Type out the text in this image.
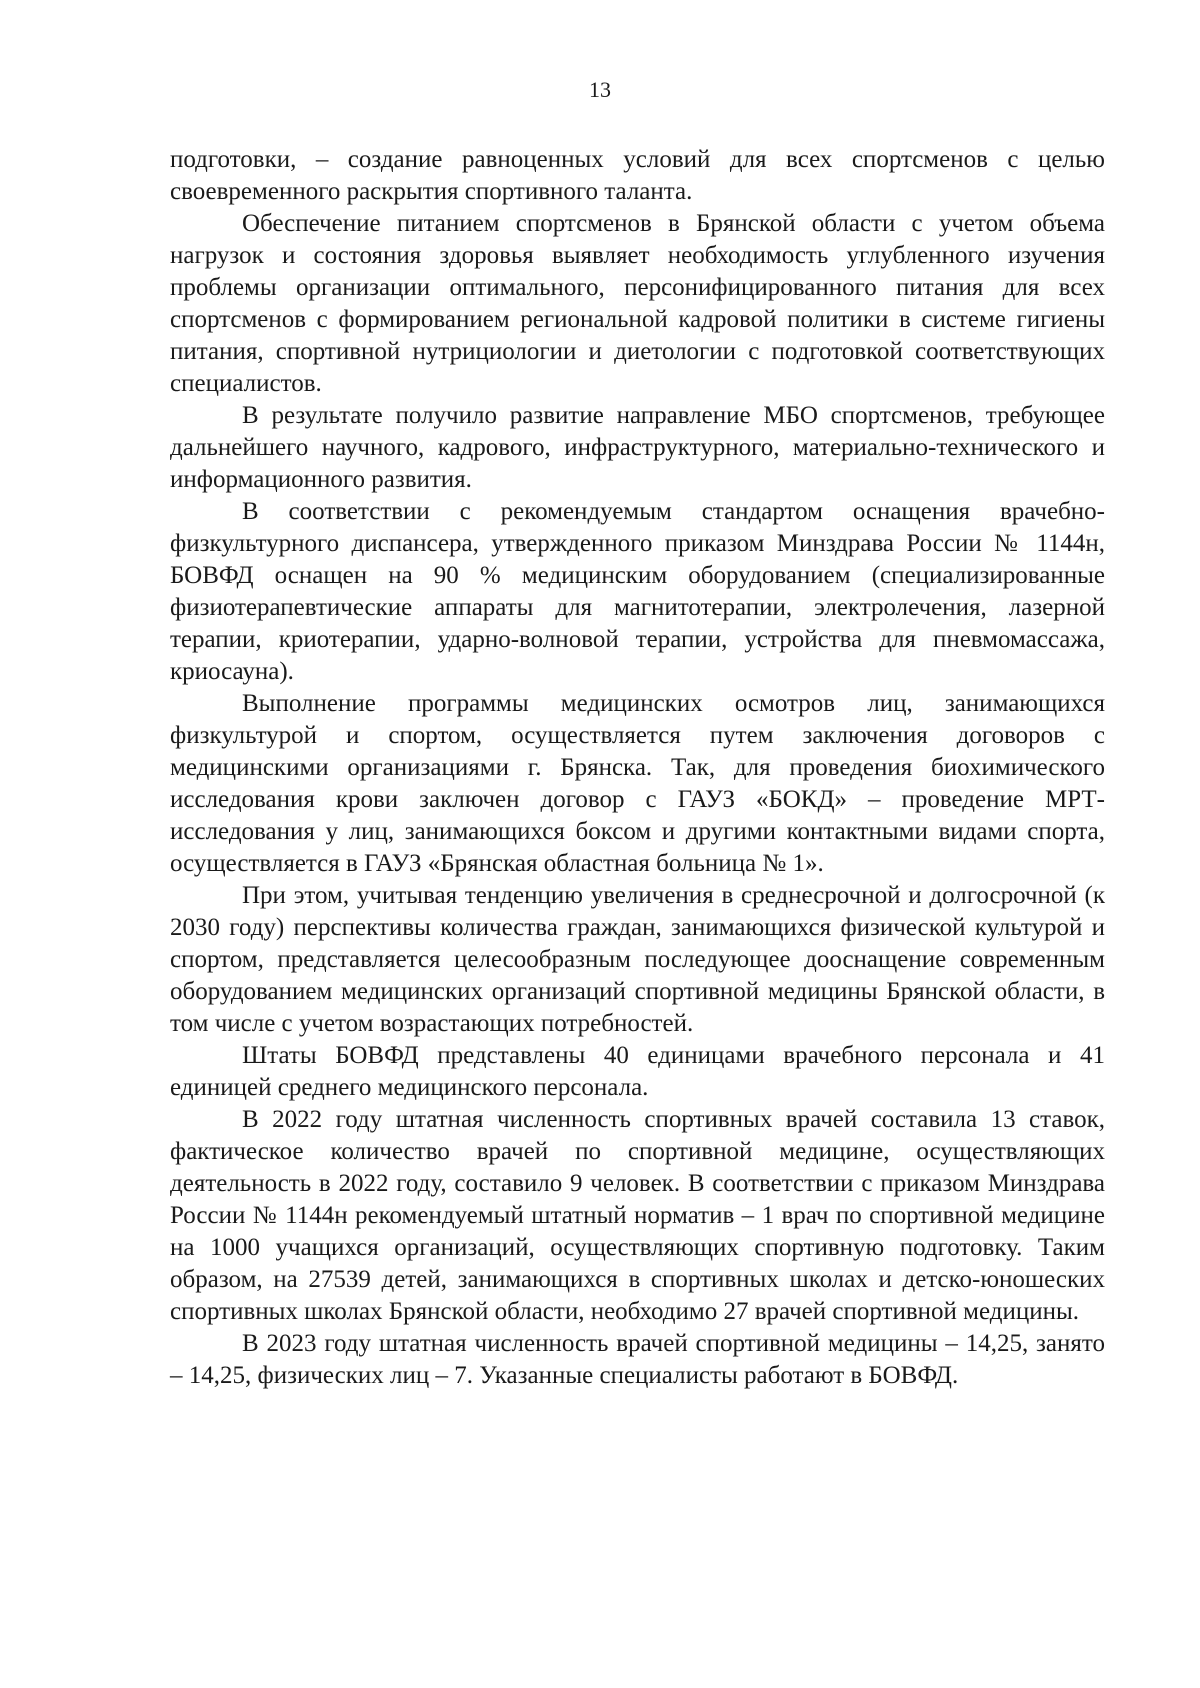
13

подготовки, – создание равноценных условий для всех спортсменов с целью своевременного раскрытия спортивного таланта.

Обеспечение питанием спортсменов в Брянской области с учетом объема нагрузок и состояния здоровья выявляет необходимость углубленного изучения проблемы организации оптимального, персонифицированного питания для всех спортсменов с формированием региональной кадровой политики в системе гигиены питания, спортивной нутрициологии и диетологии с подготовкой соответствующих специалистов.

В результате получило развитие направление МБО спортсменов, требующее дальнейшего научного, кадрового, инфраструктурного, материально-технического и информационного развития.

В соответствии с рекомендуемым стандартом оснащения врачебно-физкультурного диспансера, утвержденного приказом Минздрава России № 1144н, БОВФД оснащен на 90 % медицинским оборудованием (специализированные физиотерапевтические аппараты для магнитотерапии, электролечения, лазерной терапии, криотерапии, ударно-волновой терапии, устройства для пневмомассажа, криосауна).

Выполнение программы медицинских осмотров лиц, занимающихся физкультурой и спортом, осуществляется путем заключения договоров с медицинскими организациями г. Брянска. Так, для проведения биохимического исследования крови заключен договор с ГАУЗ «БОКД» – проведение МРТ-исследования у лиц, занимающихся боксом и другими контактными видами спорта, осуществляется в ГАУЗ «Брянская областная больница № 1».

При этом, учитывая тенденцию увеличения в среднесрочной и долгосрочной (к 2030 году) перспективы количества граждан, занимающихся физической культурой и спортом, представляется целесообразным последующее дооснащение современным оборудованием медицинских организаций спортивной медицины Брянской области, в том числе с учетом возрастающих потребностей.

Штаты БОВФД представлены 40 единицами врачебного персонала и 41 единицей среднего медицинского персонала.

В 2022 году штатная численность спортивных врачей составила 13 ставок, фактическое количество врачей по спортивной медицине, осуществляющих деятельность в 2022 году, составило 9 человек. В соответствии с приказом Минздрава России № 1144н рекомендуемый штатный норматив – 1 врач по спортивной медицине на 1000 учащихся организаций, осуществляющих спортивную подготовку. Таким образом, на 27539 детей, занимающихся в спортивных школах и детско-юношеских спортивных школах Брянской области, необходимо 27 врачей спортивной медицины.

В 2023 году штатная численность врачей спортивной медицины – 14,25, занято – 14,25, физических лиц – 7. Указанные специалисты работают в БОВФД.
